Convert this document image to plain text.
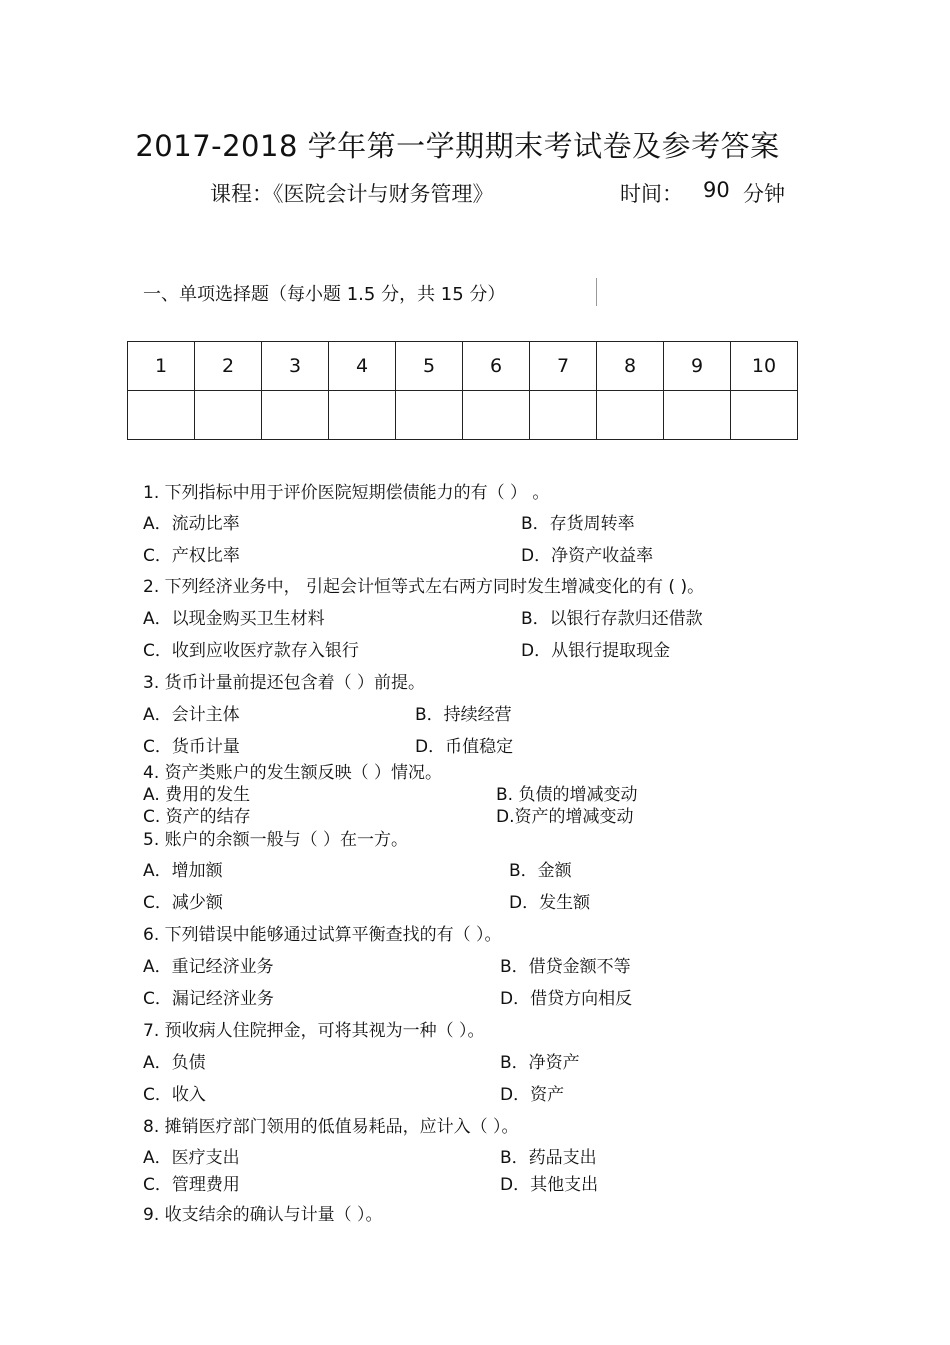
2017-2018 学年第一学期期末考试卷及参考答案
课程：《医院会计与财务管理》	时间： 90 分钟
一、单项选择题（每小题 1.5 分，共 15 分）
1	2	3	4	5	6	7	8	9	10

1. 下列指标中用于评价医院短期偿债能力的有（ ） 。
A．流动比率	B．存货周转率
C．产权比率	D．净资产收益率
2. 下列经济业务中， 引起会计恒等式左右两方同时发生增减变化的有 ( )。
A．以现金购买卫生材料	B．以银行存款归还借款
C．收到应收医疗款存入银行	D．从银行提取现金
3. 货币计量前提还包含着（ ）前提。
A．会计主体	B．持续经营
C．货币计量	D．币值稳定
4. 资产类账户的发生额反映（ ）情况。
A. 费用的发生	B. 负债的增减变动
C. 资产的结存	D.资产的增减变动
5. 账户的余额一般与（ ）在一方。
A．增加额	B．金额
C．减少额	D．发生额
6. 下列错误中能够通过试算平衡查找的有（ ）。
A．重记经济业务	B．借贷金额不等
C．漏记经济业务	D．借贷方向相反
7. 预收病人住院押金，可将其视为一种（ ）。
A．负债	B．净资产
C．收入	D．资产
8. 摊销医疗部门领用的低值易耗品，应计入（ ）。
A．医疗支出	B．药品支出
C．管理费用	D．其他支出
9. 收支结余的确认与计量（ ）。
